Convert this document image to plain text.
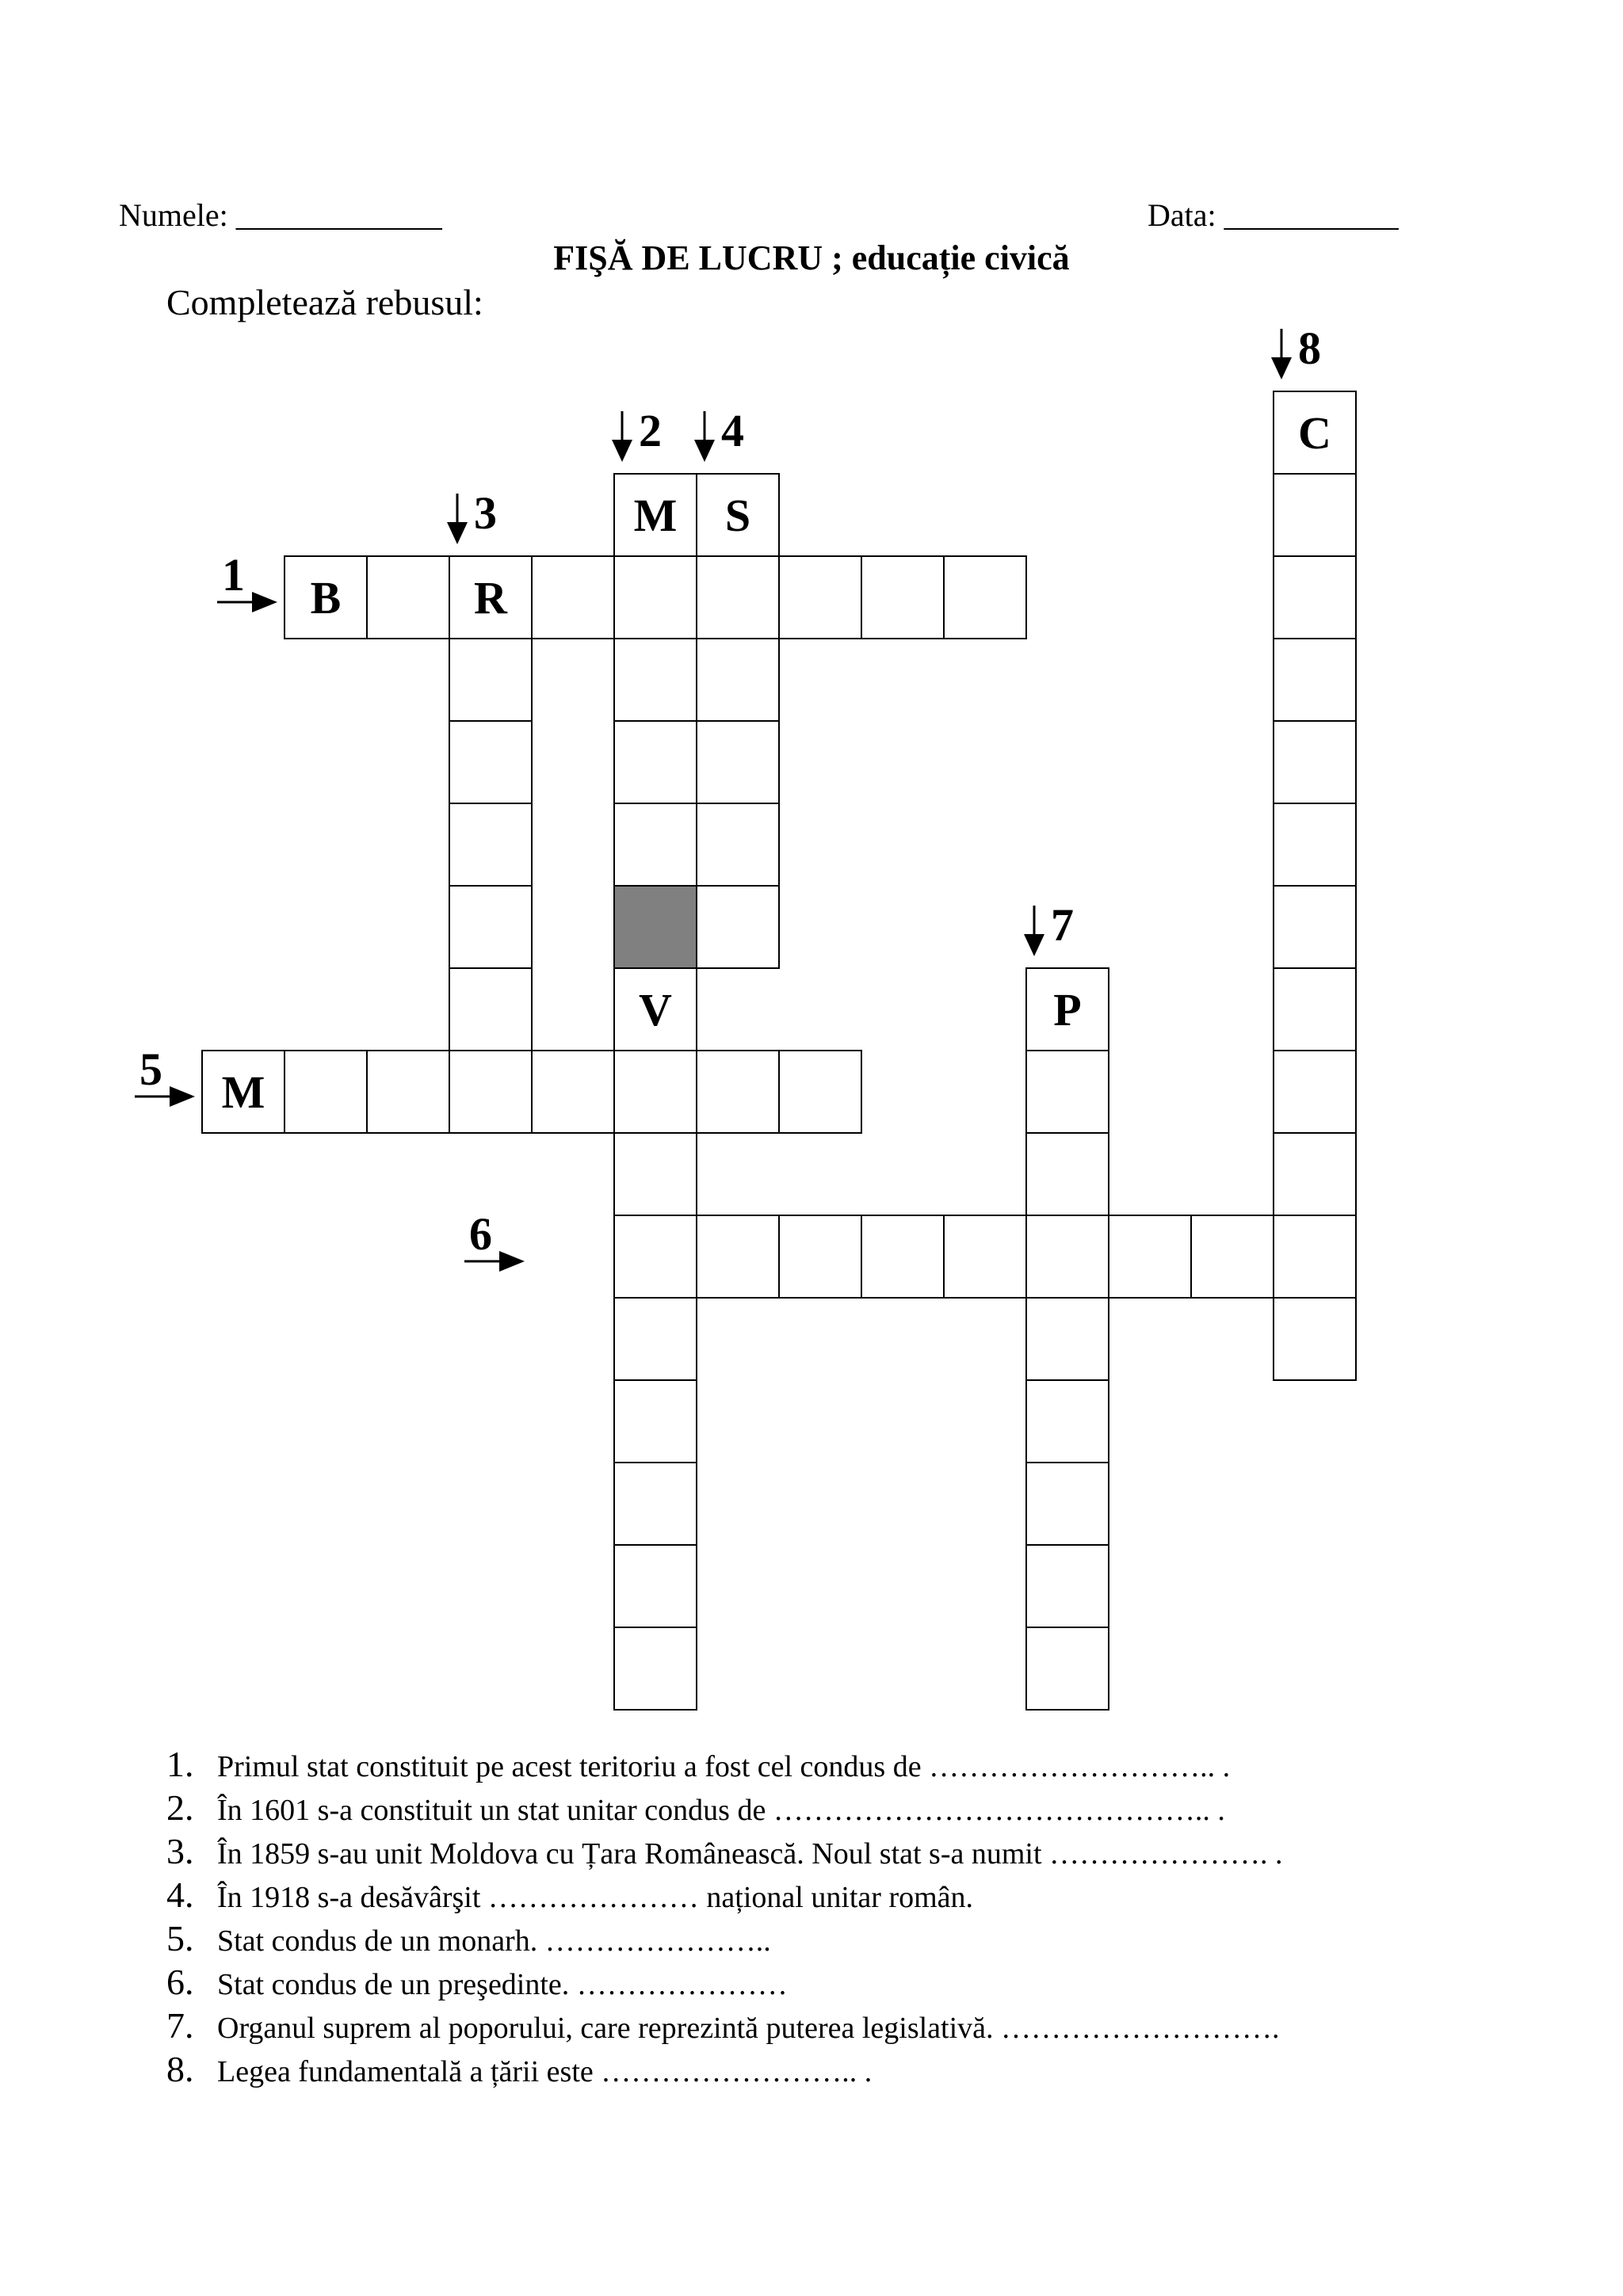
Numele: _____________	Data: ___________
FIŞĂ DE LUCRU ; educație civică
Completează rebusul:
B	R
M
V
S
M
P
C
8
2 4
3
7
1
5
6
1. Primul stat constituit pe acest teritoriu a fost cel condus de ……………………….. .
2. În 1601 s-a constituit un stat unitar condus de …………………………………….. .
3. În 1859 s-au unit Moldova cu Țara Românească. Noul stat s-a numit …………………. .
4. În 1918 s-a desăvârşit ………………… național unitar român.
5. Stat condus de un monarh. …………………..
6. Stat condus de un preşedinte. …………………
7. Organul suprem al poporului, care reprezintă puterea legislativă. ……………………….
8. Legea fundamentală a țării este …………………….. .
